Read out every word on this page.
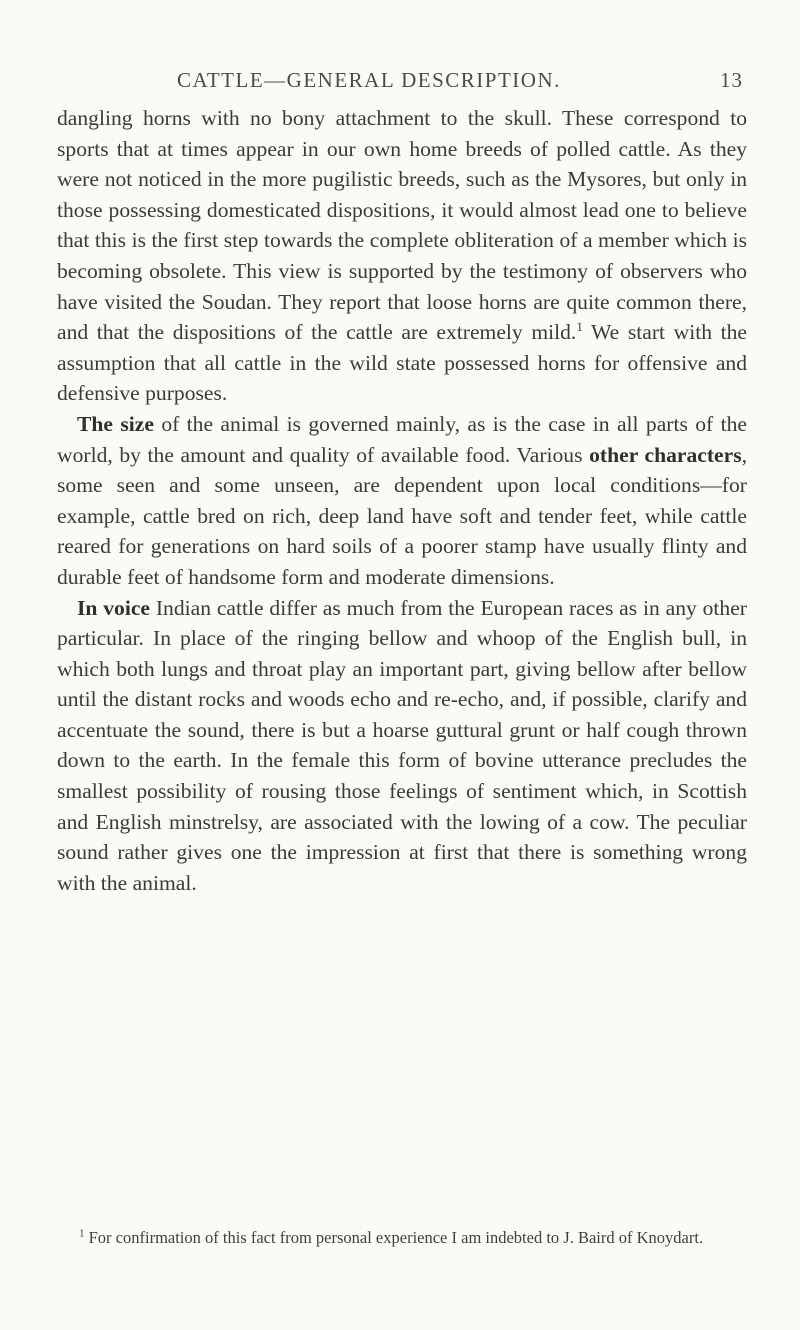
CATTLE—GENERAL DESCRIPTION.	13

dangling horns with no bony attachment to the skull. These correspond to sports that at times appear in our own home breeds of polled cattle. As they were not noticed in the more pugilistic breeds, such as the Mysores, but only in those possessing domesticated dispositions, it would almost lead one to believe that this is the first step towards the complete obliteration of a member which is becoming obsolete. This view is supported by the testimony of observers who have visited the Soudan. They report that loose horns are quite common there, and that the dispositions of the cattle are extremely mild.$^1$ We start with the assumption that all cattle in the wild state possessed horns for offensive and defensive purposes.

The size of the animal is governed mainly, as is the case in all parts of the world, by the amount and quality of available food. Various other characters, some seen and some unseen, are dependent upon local conditions—for example, cattle bred on rich, deep land have soft and tender feet, while cattle reared for generations on hard soils of a poorer stamp have usually flinty and durable feet of handsome form and moderate dimensions.

In voice Indian cattle differ as much from the European races as in any other particular. In place of the ringing bellow and whoop of the English bull, in which both lungs and throat play an important part, giving bellow after bellow until the distant rocks and woods echo and re-echo, and, if possible, clarify and accentuate the sound, there is but a hoarse guttural grunt or half cough thrown down to the earth. In the female this form of bovine utterance precludes the smallest possibility of rousing those feelings of sentiment which, in Scottish and English minstrelsy, are associated with the lowing of a cow. The peculiar sound rather gives one the impression at first that there is something wrong with the animal.

$^1$ For confirmation of this fact from personal experience I am indebted to J. Baird of Knoydart.
